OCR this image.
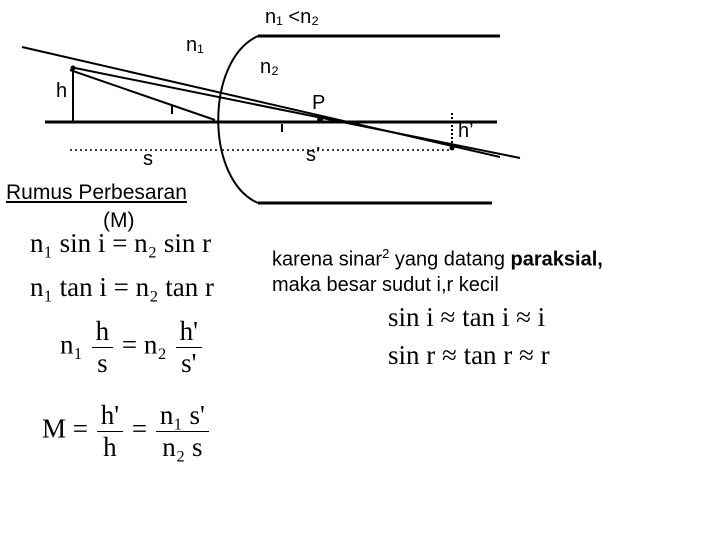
n₁ <n₂
n₁
n₂
h
P
h’
s	s’
Rumus Perbesaran
(M)
n₁ sin i = n₂ sin r
n₁ tan i = n₂ tan r
$n_1 \frac{h}{s} = n_2 \frac{h'}{s'}$
$M = \frac{h'}{h} = \frac{\text{n₁ s'}}{\text{n₂ s}}$
karena sinar$^2$ yang datang paraksial,
maka besar sudut i,r kecil
sin i ≈ tan i ≈ i
sin r ≈ tan r ≈ r
